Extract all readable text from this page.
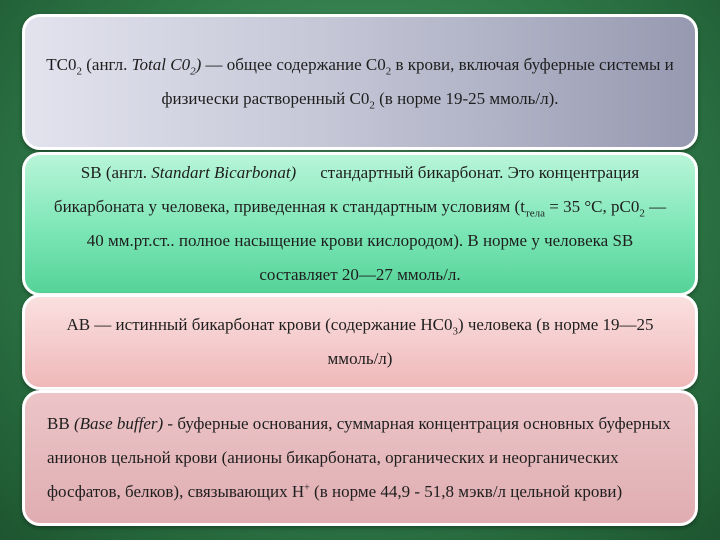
$ТС0_2$ (англ. Total $C0_2$) — общее содержание $С0_2$ в крови, включая буферные системы и физически растворенный $С0_2$ (в норме 19-25 ммоль/л).

SB (англ. Standart Bicarbonat) стандартный бикарбонат. Это концентрация бикарбоната у человека, приведенная к стандартным условиям ($t_{тела} = 35$ °С, $рС0_2$ — 40 мм.рт.ст.. полное насыщение крови кислородом). В норме у человека SB составляет 20—27 ммоль/л.

АВ — истинный бикарбонат крови (содержание $НС0_3$) человека (в норме 19—25 ммоль/л)

ВВ (Base buffer) - буферные основания, суммарная концентрация основных буферных анионов цельной крови (анионы бикарбоната, органических и неорганических фосфатов, белков), связывающих Н+ (в норме 44,9 - 51,8 мэкв/л цельной крови)
